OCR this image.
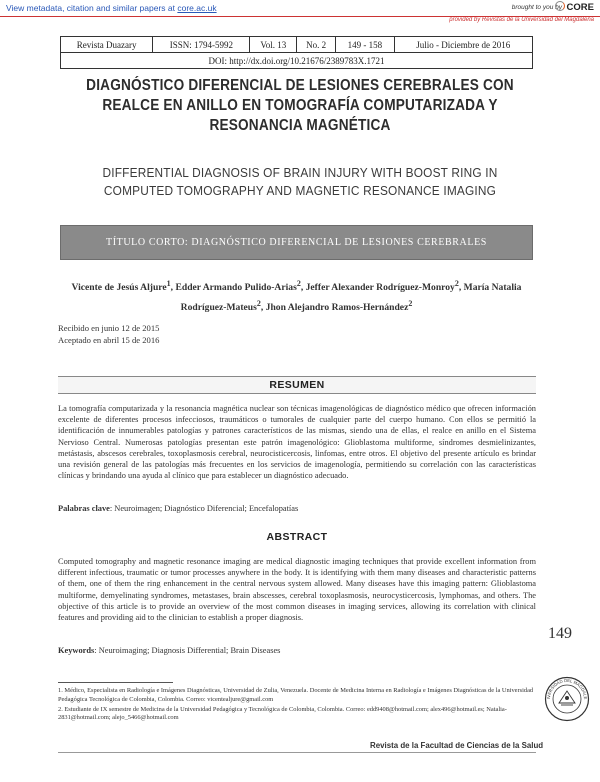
View metadata, citation and similar papers at core.ac.uk	brought to you by CORE
provided by Revistas de la Universidad del Magdalena
Revista Duazary	ISSN: 1794-5992	Vol. 13	No. 2	149 - 158	Julio - Diciembre de 2016
DOI: http://dx.doi.org/10.21676/2389783X.1721
DIAGNÓSTICO DIFERENCIAL DE LESIONES CEREBRALES CON
REALCE EN ANILLO EN TOMOGRAFÍA COMPUTARIZADA Y
RESONANCIA MAGNÉTICA
DIFFERENTIAL DIAGNOSIS OF BRAIN INJURY WITH BOOST RING IN
COMPUTED TOMOGRAPHY AND MAGNETIC RESONANCE IMAGING
TÍTULO CORTO: DIAGNÓSTICO DIFERENCIAL DE LESIONES CEREBRALES
Vicente de Jesús Aljure$^1$, Edder Armando Pulido-Arias$^2$, Jeffer Alexander Rodríguez-Monroy$^2$, María Natalia Rodríguez-Mateus$^2$, Jhon Alejandro Ramos-Hernández$^2$
Recibido en junio 12 de 2015
Aceptado en abril 15 de 2016
RESUMEN
La tomografía computarizada y la resonancia magnética nuclear son técnicas imagenológicas de diagnóstico médico que ofrecen información excelente de diferentes procesos infecciosos, traumáticos o tumorales de cualquier parte del cuerpo humano. Con ellos se permitió la identificación de innumerables patologías y patrones característicos de las mismas, siendo una de ellas, el realce en anillo en el Sistema Nervioso Central. Numerosas patologías presentan este patrón imagenológico: Glioblastoma multiforme, síndromes desmielinizantes, metástasis, abscesos cerebrales, toxoplasmosis cerebral, neurocisticercosis, linfomas, entre otros. El objetivo del presente artículo es brindar una revisión general de las patologías más frecuentes en los servicios de imagenología, permitiendo su correlación con las características clínicas y brindando una ayuda al clínico que para establecer un diagnóstico adecuado.
Palabras clave: Neuroimagen; Diagnóstico Diferencial; Encefalopatías
ABSTRACT
Computed tomography and magnetic resonance imaging are medical diagnostic imaging techniques that provide excellent information from different infectious, traumatic or tumor processes anywhere in the body. It is identifying with them many diseases and characteristic patterns of them, one of them the ring enhancement in the central nervous system allowed. Many diseases have this imaging pattern: Glioblastoma multiforme, demyelinating syndromes, metastases, brain abscesses, cerebral toxoplasmosis, neurocysticercosis, lymphomas, and others. The objective of this article is to provide an overview of the most common diseases in imaging services, allowing its correlation with clinical features and providing aid to the clinician to establish a proper diagnosis.
Keywords: Neuroimaging; Diagnosis Differential; Brain Diseases
149
1. Médico, Especialista en Radiología e Imágenes Diagnósticas, Universidad de Zulia, Venezuela. Docente de Medicina Interna en Radiología e Imágenes Diagnósticas de la Universidad Pedagógica Tecnológica de Colombia, Colombia. Correo: vicentealjure@gmail.com
2. Estudiante de IX semestre de Medicina de la Universidad Pedagógica y Tecnológica de Colombia, Colombia. Correo: edd9408@hotmail.com; alex496@hotmail.es; Natalia-2831@hotmail.com; alejo_5466@hotmail.com
IVERSIDAD DEL MAGDALE
Revista de la Facultad de Ciencias de la Salud
